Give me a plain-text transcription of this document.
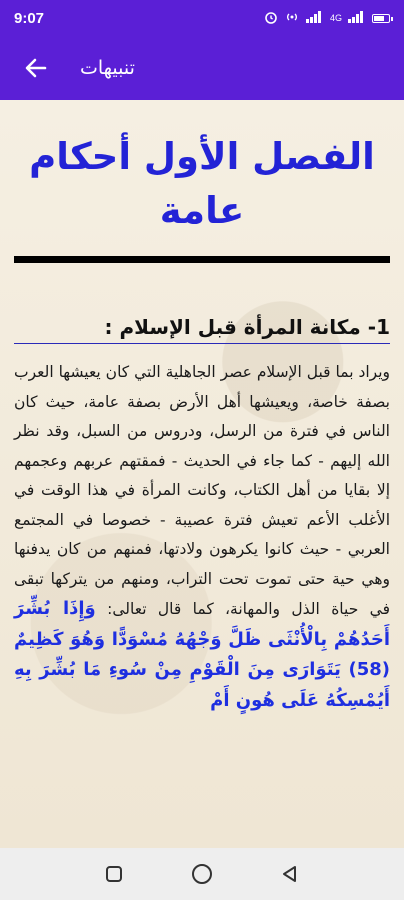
9:07	4G
تنبيهات
الفصل الأول أحكام عامة
1- مكانة المرأة قبل الإسلام :
ويراد بما قبل الإسلام عصر الجاهلية التي كان يعيشها العرب بصفة خاصة، ويعيشها أهل الأرض بصفة عامة، حيث كان الناس في فترة من الرسل، ودروس من السبل، وقد نظر الله إليهم - كما جاء في الحديث - فمقتهم عربهم وعجمهم إلا بقايا من أهل الكتاب، وكانت المرأة في هذا الوقت في الأغلب الأعم تعيش فترة عصيبة - خصوصا في المجتمع العربي - حيث كانوا يكرهون ولادتها، فمنهم من كان يدفنها وهي حية حتى تموت تحت التراب، ومنهم من يتركها تبقى في حياة الذل والمهانة، كما قال تعالى: وَإِذَا بُشِّرَ أَحَدُهُمْ بِالْأُنْثَى ظَلَّ وَجْهُهُ مُسْوَدًّا وَهُوَ كَظِيمٌ (58) يَتَوَارَى مِنَ الْقَوْمِ مِنْ سُوءِ مَا بُشِّرَ بِهِ أَيُمْسِكُهُ عَلَى هُونٍ أَمْ
